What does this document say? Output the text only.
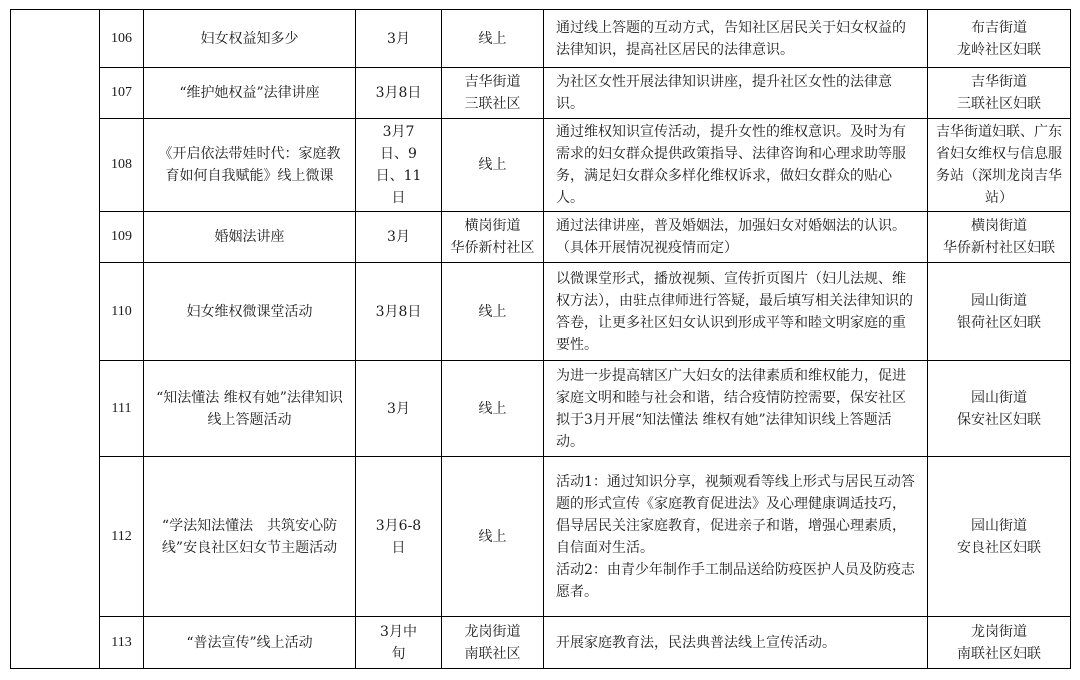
	106	妇女权益知多少	3月	线上	通过线上答题的互动方式，告知社区居民关于妇女权益的法律知识，提高社区居民的法律意识。	布吉街道
龙岭社区妇联

	107	“维护她权益”法律讲座	3月8日	吉华街道
三联社区	为社区女性开展法律知识讲座，提升社区女性的法律意识。	吉华街道
三联社区妇联

	108	《开启依法带娃时代：家庭教育如何自我赋能》线上微课	3月7
日、9
日、11
日	线上	通过维权知识宣传活动，提升女性的维权意识。及时为有需求的妇女群众提供政策指导、法律咨询和心理求助等服务，满足妇女群众多样化维权诉求，做妇女群众的贴心人。	吉华街道妇联、广东省妇女维权与信息服务站（深圳龙岗吉华站）

	109	婚姻法讲座	3月	横岗街道
华侨新村社区	通过法律讲座，普及婚姻法，加强妇女对婚姻法的认识。（具体开展情况视疫情而定）	横岗街道
华侨新村社区妇联

	110	妇女维权微课堂活动	3月8日	线上	以微课堂形式，播放视频、宣传折页图片（妇儿法规、维权方法），由驻点律师进行答疑，最后填写相关法律知识的答卷，让更多社区妇女认识到形成平等和睦文明家庭的重要性。	园山街道
银荷社区妇联

	111	“知法懂法 维权有她”法律知识线上答题活动	3月	线上	为进一步提高辖区广大妇女的法律素质和维权能力，促进家庭文明和睦与社会和谐，结合疫情防控需要，保安社区拟于3月开展“知法懂法 维权有她”法律知识线上答题活动。	园山街道
保安社区妇联

	112	“学法知法懂法　共筑安心防线”安良社区妇女节主题活动	3月6-8
日	线上	活动1：通过知识分享，视频观看等线上形式与居民互动答题的形式宣传《家庭教育促进法》及心理健康调适技巧，倡导居民关注家庭教育，促进亲子和谐，增强心理素质，自信面对生活。
活动2：由青少年制作手工制品送给防疫医护人员及防疫志愿者。	园山街道
安良社区妇联

	113	“普法宣传”线上活动	3月中
旬	龙岗街道
南联社区	开展家庭教育法，民法典普法线上宣传活动。	龙岗街道
南联社区妇联
